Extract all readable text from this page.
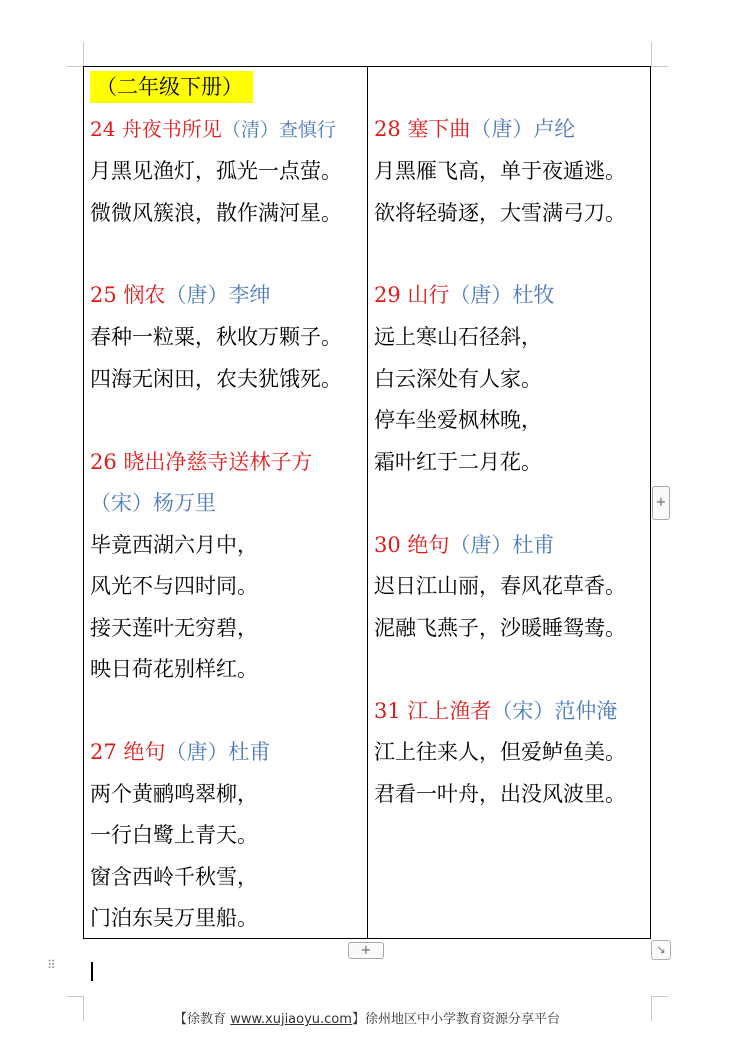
（二年级下册）
24 舟夜书所见（清）查慎行
月黑见渔灯，孤光一点萤。
微微风簇浪，散作满河星。
25 悯农（唐）李绅
春种一粒粟，秋收万颗子。
四海无闲田，农夫犹饿死。
26 晓出净慈寺送林子方
（宋）杨万里
毕竟西湖六月中，
风光不与四时同。
接天莲叶无穷碧，
映日荷花别样红。
27 绝句（唐）杜甫
两个黄鹂鸣翠柳，
一行白鹭上青天。
窗含西岭千秋雪，
门泊东吴万里船。
28 塞下曲（唐）卢纶
月黑雁飞高，单于夜遁逃。
欲将轻骑逐，大雪满弓刀。
29 山行（唐）杜牧
远上寒山石径斜，
白云深处有人家。
停车坐爱枫林晚，
霜叶红于二月花。
30 绝句（唐）杜甫
迟日江山丽，春风花草香。
泥融飞燕子，沙暖睡鸳鸯。
31 江上渔者（宋）范仲淹
江上往来人，但爱鲈鱼美。
君看一叶舟，出没风波里。
+
+	↘
⠿
【徐教育 www.xujiaoyu.com】徐州地区中小学教育资源分享平台
